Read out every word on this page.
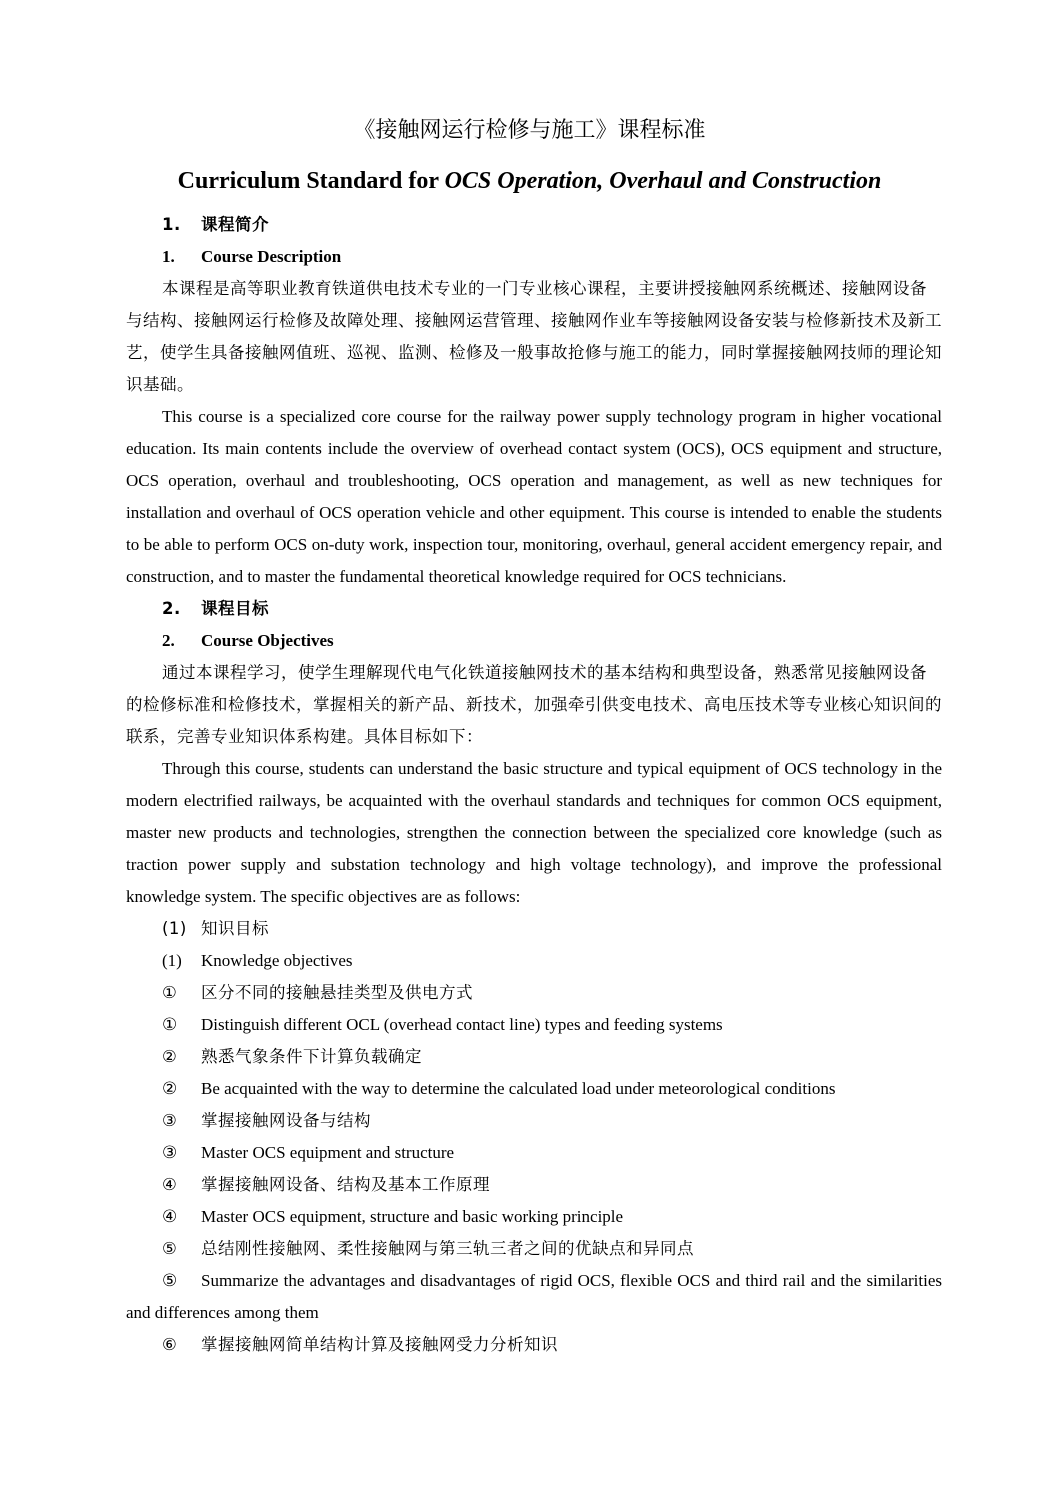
《接触网运行检修与施工》课程标准
Curriculum Standard for OCS Operation, Overhaul and Construction
1.	课程简介
1.	Course Description

本课程是高等职业教育铁道供电技术专业的一门专业核心课程，主要讲授接触网系统概述、接触网设备与结构、接触网运行检修及故障处理、接触网运营管理、接触网作业车等接触网设备安装与检修新技术及新工艺，使学生具备接触网值班、巡视、监测、检修及一般事故抢修与施工的能力，同时掌握接触网技师的理论知识基础。

This course is a specialized core course for the railway power supply technology program in higher vocational education. Its main contents include the overview of overhead contact system (OCS), OCS equipment and structure, OCS operation, overhaul and troubleshooting, OCS operation and management, as well as new techniques for installation and overhaul of OCS operation vehicle and other equipment. This course is intended to enable the students to be able to perform OCS on-duty work, inspection tour, monitoring, overhaul, general accident emergency repair, and construction, and to master the fundamental theoretical knowledge required for OCS technicians.

2.	课程目标
2.	Course Objectives

通过本课程学习，使学生理解现代电气化铁道接触网技术的基本结构和典型设备，熟悉常见接触网设备的检修标准和检修技术，掌握相关的新产品、新技术，加强牵引供变电技术、高电压技术等专业核心知识间的联系，完善专业知识体系构建。具体目标如下：

Through this course, students can understand the basic structure and typical equipment of OCS technology in the modern electrified railways, be acquainted with the overhaul standards and techniques for common OCS equipment, master new products and technologies, strengthen the connection between the specialized core knowledge (such as traction power supply and substation technology and high voltage technology), and improve the professional knowledge system. The specific objectives are as follows:

(1) 知识目标
(1)	Knowledge objectives
①	区分不同的接触悬挂类型及供电方式
①	Distinguish different OCL (overhead contact line) types and feeding systems
②	熟悉气象条件下计算负载确定
②	Be acquainted with the way to determine the calculated load under meteorological conditions
③	掌握接触网设备与结构
③	Master OCS equipment and structure
④	掌握接触网设备、结构及基本工作原理
④	Master OCS equipment, structure and basic working principle
⑤	总结刚性接触网、柔性接触网与第三轨三者之间的优缺点和异同点

⑤ Summarize the advantages and disadvantages of rigid OCS, flexible OCS and third rail and the similarities and differences among them

⑥	掌握接触网简单结构计算及接触网受力分析知识
